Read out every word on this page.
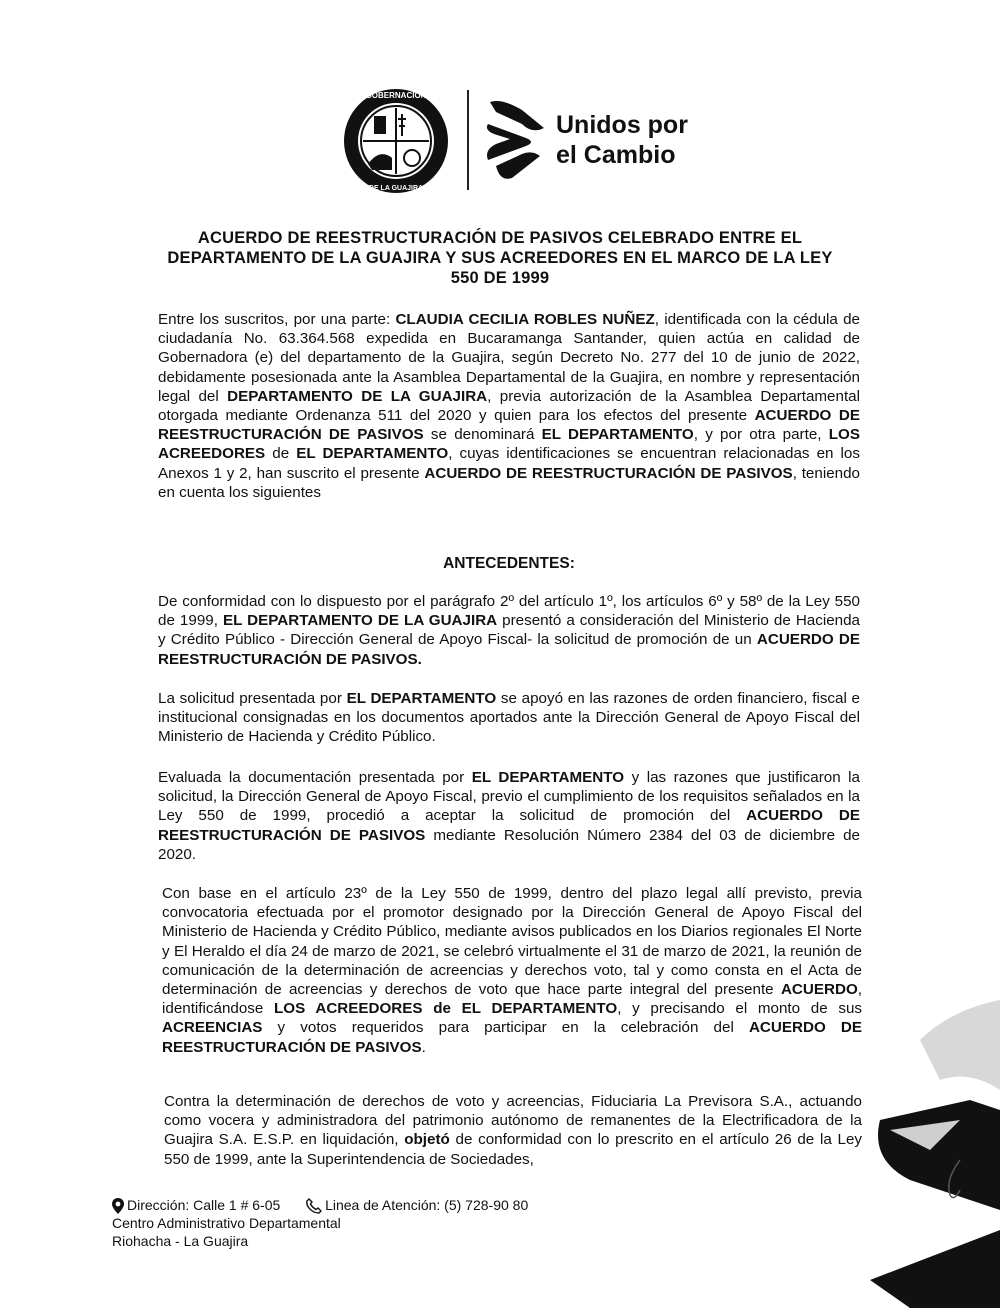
GOBERNACION
DE LA GUAJIRA
Unidos por
el Cambio
ACUERDO DE REESTRUCTURACIÓN DE PASIVOS CELEBRADO ENTRE EL
DEPARTAMENTO DE LA GUAJIRA Y SUS ACREEDORES EN EL MARCO DE LA LEY
550 DE 1999
Entre los suscritos, por una parte: CLAUDIA CECILIA ROBLES NUÑEZ, identificada con la cédula de ciudadanía No. 63.364.568 expedida en Bucaramanga Santander, quien actúa en calidad de Gobernadora (e) del departamento de la Guajira, según Decreto No. 277 del 10 de junio de 2022, debidamente posesionada ante la Asamblea Departamental de la Guajira, en nombre y representación legal del DEPARTAMENTO DE LA GUAJIRA, previa autorización de la Asamblea Departamental otorgada mediante Ordenanza 511 del 2020 y quien para los efectos del presente ACUERDO DE REESTRUCTURACIÓN DE PASIVOS se denominará EL DEPARTAMENTO, y por otra parte, LOS ACREEDORES de EL DEPARTAMENTO, cuyas identificaciones se encuentran relacionadas en los Anexos 1 y 2, han suscrito el presente ACUERDO DE REESTRUCTURACIÓN DE PASIVOS, teniendo en cuenta los siguientes
ANTECEDENTES:
De conformidad con lo dispuesto por el parágrafo 2º del artículo 1º, los artículos 6º y 58º de la Ley 550 de 1999, EL DEPARTAMENTO DE LA GUAJIRA presentó a consideración del Ministerio de Hacienda y Crédito Público - Dirección General de Apoyo Fiscal- la solicitud de promoción de un ACUERDO DE REESTRUCTURACIÓN DE PASIVOS.
La solicitud presentada por EL DEPARTAMENTO se apoyó en las razones de orden financiero, fiscal e institucional consignadas en los documentos aportados ante la Dirección General de Apoyo Fiscal del Ministerio de Hacienda y Crédito Público.
Evaluada la documentación presentada por EL DEPARTAMENTO y las razones que justificaron la solicitud, la Dirección General de Apoyo Fiscal, previo el cumplimiento de los requisitos señalados en la Ley 550 de 1999, procedió a aceptar la solicitud de promoción del ACUERDO DE REESTRUCTURACIÓN DE PASIVOS mediante Resolución Número 2384 del 03 de diciembre de 2020.
Con base en el artículo 23º de la Ley 550 de 1999, dentro del plazo legal allí previsto, previa convocatoria efectuada por el promotor designado por la Dirección General de Apoyo Fiscal del Ministerio de Hacienda y Crédito Público, mediante avisos publicados en los Diarios regionales El Norte y El Heraldo el día 24 de marzo de 2021, se celebró virtualmente el 31 de marzo de 2021, la reunión de comunicación de la determinación de acreencias y derechos voto, tal y como consta en el Acta de determinación de acreencias y derechos de voto que hace parte integral del presente ACUERDO, identificándose LOS ACREEDORES de EL DEPARTAMENTO, y precisando el monto de sus ACREENCIAS y votos requeridos para participar en la celebración del ACUERDO DE REESTRUCTURACIÓN DE PASIVOS.
Contra la determinación de derechos de voto y acreencias, Fiduciaria La Previsora S.A., actuando como vocera y administradora del patrimonio autónomo de remanentes de la Electrificadora de la Guajira S.A. E.S.P. en liquidación, objetó de conformidad con lo prescrito en el artículo 26 de la Ley 550 de 1999, ante la Superintendencia de Sociedades,
Dirección: Calle 1 # 6-05	Linea de Atención: (5) 728-90 80
Centro Administrativo Departamental
Riohacha - La Guajira
